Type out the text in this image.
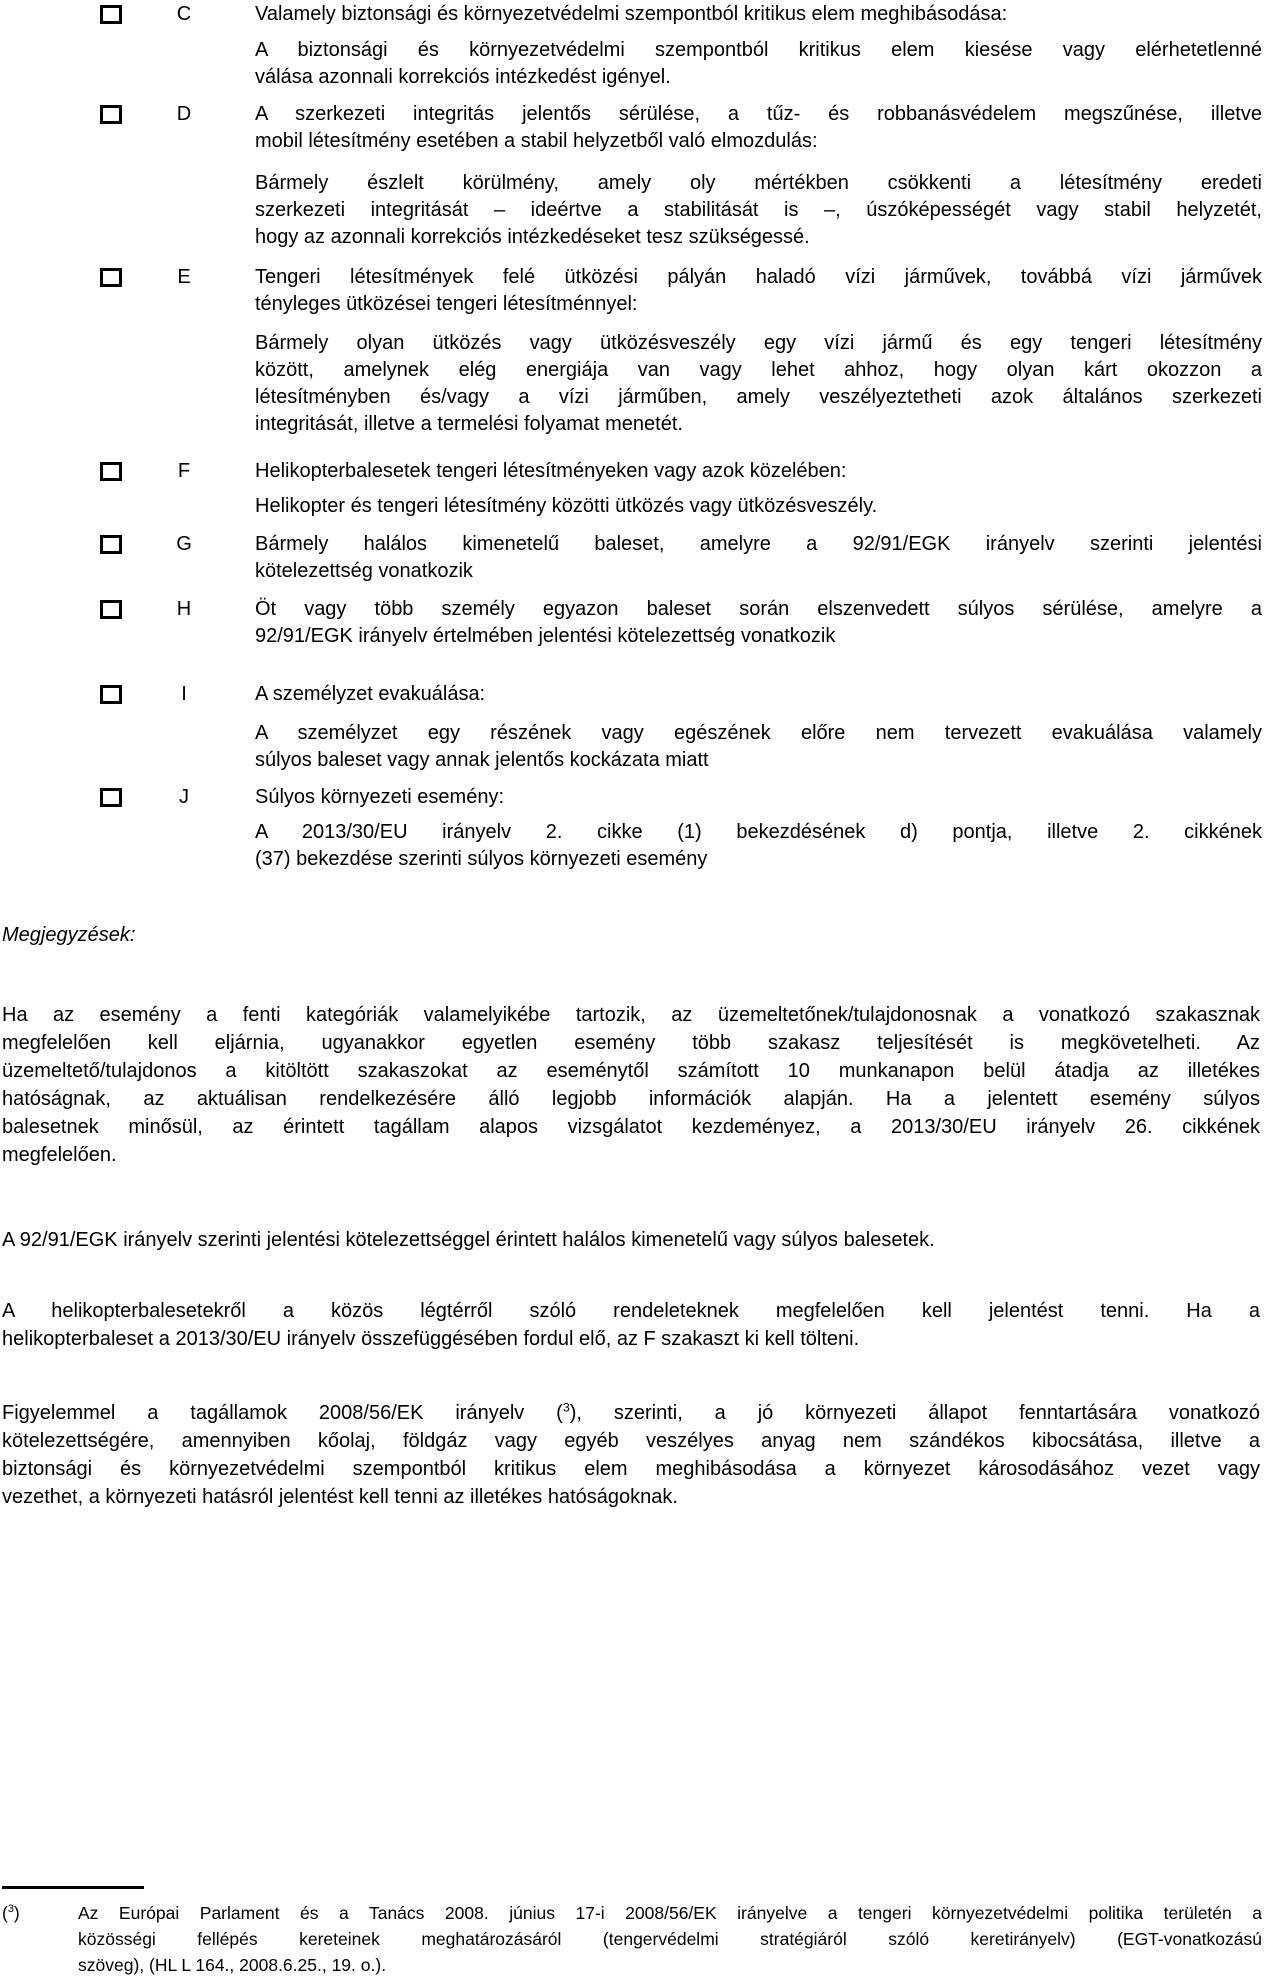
C	Valamely biztonsági és környezetvédelmi szempontból kritikus elem meghibásodása:
A biztonsági és környezetvédelmi szempontból kritikus elem kiesése vagy elérhetetlenné
válása azonnali korrekciós intézkedést igényel.
D	A szerkezeti integritás jelentős sérülése, a tűz- és robbanásvédelem megszűnése, illetve
mobil létesítmény esetében a stabil helyzetből való elmozdulás:
Bármely észlelt körülmény, amely oly mértékben csökkenti a létesítmény eredeti
szerkezeti integritását – ideértve a stabilitását is –, úszóképességét vagy stabil helyzetét,
hogy az azonnali korrekciós intézkedéseket tesz szükségessé.
E	Tengeri létesítmények felé ütközési pályán haladó vízi járművek, továbbá vízi járművek
tényleges ütközései tengeri létesítménnyel:
Bármely olyan ütközés vagy ütközésveszély egy vízi jármű és egy tengeri létesítmény
között, amelynek elég energiája van vagy lehet ahhoz, hogy olyan kárt okozzon a
létesítményben és/vagy a vízi járműben, amely veszélyeztetheti azok általános szerkezeti
integritását, illetve a termelési folyamat menetét.
F	Helikopterbalesetek tengeri létesítményeken vagy azok közelében:
Helikopter és tengeri létesítmény közötti ütközés vagy ütközésveszély.
G	Bármely halálos kimenetelű baleset, amelyre a 92/91/EGK irányelv szerinti jelentési
kötelezettség vonatkozik
H	Öt vagy több személy egyazon baleset során elszenvedett súlyos sérülése, amelyre a
92/91/EGK irányelv értelmében jelentési kötelezettség vonatkozik
I	A személyzet evakuálása:
A személyzet egy részének vagy egészének előre nem tervezett evakuálása valamely
súlyos baleset vagy annak jelentős kockázata miatt
J	Súlyos környezeti esemény:
A 2013/30/EU irányelv 2. cikke (1) bekezdésének d) pontja, illetve 2. cikkének
(37) bekezdése szerinti súlyos környezeti esemény
Megjegyzések:
Ha az esemény a fenti kategóriák valamelyikébe tartozik, az üzemeltetőnek/tulajdonosnak a vonatkozó szakasznak
megfelelően kell eljárnia, ugyanakkor egyetlen esemény több szakasz teljesítését is megkövetelheti. Az
üzemeltető/tulajdonos a kitöltött szakaszokat az eseménytől számított 10 munkanapon belül átadja az illetékes
hatóságnak, az aktuálisan rendelkezésére álló legjobb információk alapján. Ha a jelentett esemény súlyos
balesetnek minősül, az érintett tagállam alapos vizsgálatot kezdeményez, a 2013/30/EU irányelv 26. cikkének
megfelelően.
A 92/91/EGK irányelv szerinti jelentési kötelezettséggel érintett halálos kimenetelű vagy súlyos balesetek.
A helikopterbalesetekről a közös légtérről szóló rendeleteknek megfelelően kell jelentést tenni. Ha a
helikopterbaleset a 2013/30/EU irányelv összefüggésében fordul elő, az F szakaszt ki kell tölteni.
Figyelemmel a tagállamok 2008/56/EK irányelv ($^3$), szerinti, a jó környezeti állapot fenntartására vonatkozó
kötelezettségére, amennyiben kőolaj, földgáz vagy egyéb veszélyes anyag nem szándékos kibocsátása, illetve a
biztonsági és környezetvédelmi szempontból kritikus elem meghibásodása a környezet károsodásához vezet vagy
vezethet, a környezeti hatásról jelentést kell tenni az illetékes hatóságoknak.
($^3$)	Az Európai Parlament és a Tanács 2008. június 17-i 2008/56/EK irányelve a tengeri környezetvédelmi politika területén a
közösségi fellépés kereteinek meghatározásáról (tengervédelmi stratégiáról szóló keretirányelv) (EGT-vonatkozású
szöveg), (HL L 164., 2008.6.25., 19. o.).
